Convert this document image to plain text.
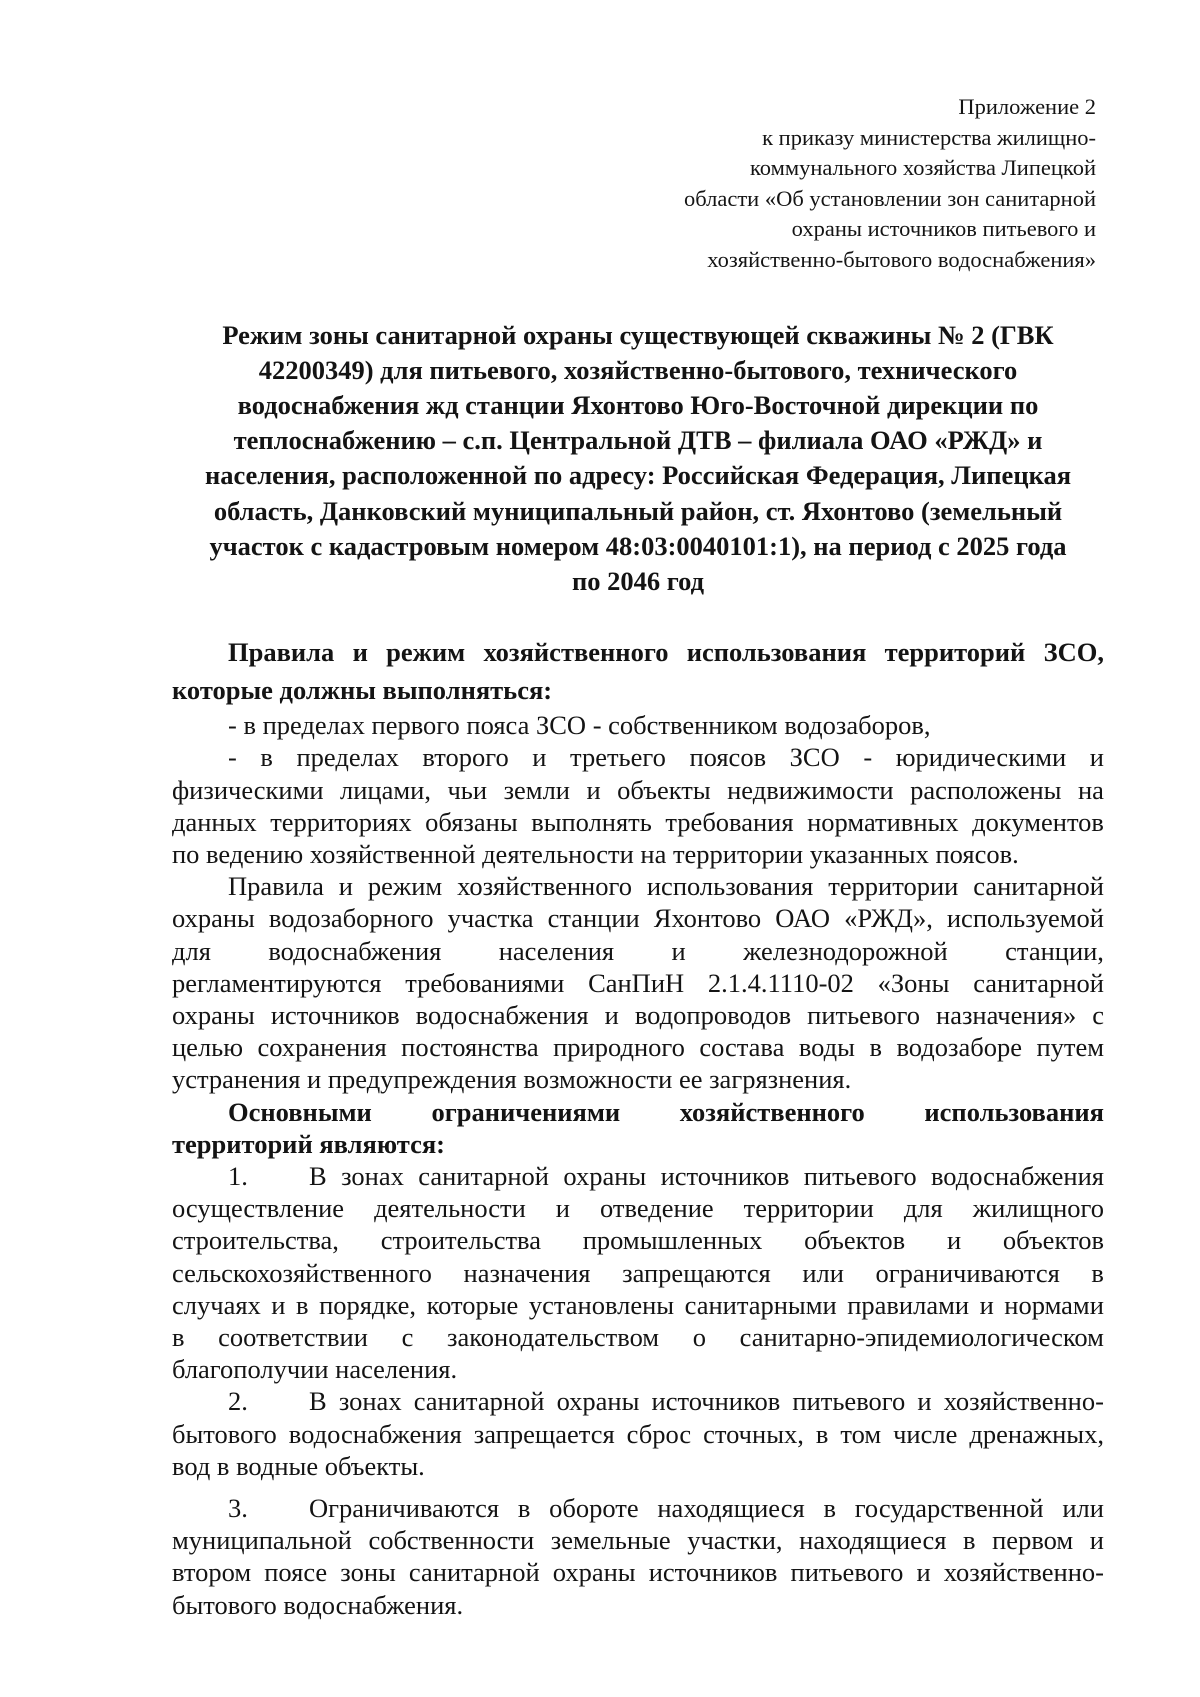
Приложение 2
к приказу министерства жилищно-
коммунального хозяйства Липецкой
области «Об установлении зон санитарной
охраны источников питьевого и
хозяйственно-бытового водоснабжения»
Режим зоны санитарной охраны существующей скважины № 2 (ГВК
42200349) для питьевого, хозяйственно-бытового, технического
водоснабжения жд станции Яхонтово Юго-Восточной дирекции по
теплоснабжению – с.п. Центральной ДТВ – филиала ОАО «РЖД» и
населения, расположенной по адресу: Российская Федерация, Липецкая
область, Данковский муниципальный район, ст. Яхонтово (земельный
участок с кадастровым номером 48:03:0040101:1), на период с 2025 года
по 2046 год
Правила и режим хозяйственного использования территорий ЗСО,
которые должны выполняться:
- в пределах первого пояса ЗСО - собственником водозаборов,
- в пределах второго и третьего поясов ЗСО - юридическими и
физическими лицами, чьи земли и объекты недвижимости расположены на
данных территориях обязаны выполнять требования нормативных документов
по ведению хозяйственной деятельности на территории указанных поясов.
Правила и режим хозяйственного использования территории санитарной
охраны водозаборного участка станции Яхонтово ОАО «РЖД», используемой
для водоснабжения населения и железнодорожной станции,
регламентируются требованиями СанПиН 2.1.4.1110-02 «Зоны санитарной
охраны источников водоснабжения и водопроводов питьевого назначения» с
целью сохранения постоянства природного состава воды в водозаборе путем
устранения и предупреждения возможности ее загрязнения.
Основными ограничениями хозяйственного использования
территорий являются:
1.	В зонах санитарной охраны источников питьевого водоснабжения
осуществление деятельности и отведение территории для жилищного
строительства, строительства промышленных объектов и объектов
сельскохозяйственного назначения запрещаются или ограничиваются в
случаях и в порядке, которые установлены санитарными правилами и нормами
в соответствии с законодательством о санитарно-эпидемиологическом
благополучии населения.
2.	В зонах санитарной охраны источников питьевого и хозяйственно-
бытового водоснабжения запрещается сброс сточных, в том числе дренажных,
вод в водные объекты.
3.	Ограничиваются в обороте находящиеся в государственной или
муниципальной собственности земельные участки, находящиеся в первом и
втором поясе зоны санитарной охраны источников питьевого и хозяйственно-
бытового водоснабжения.
